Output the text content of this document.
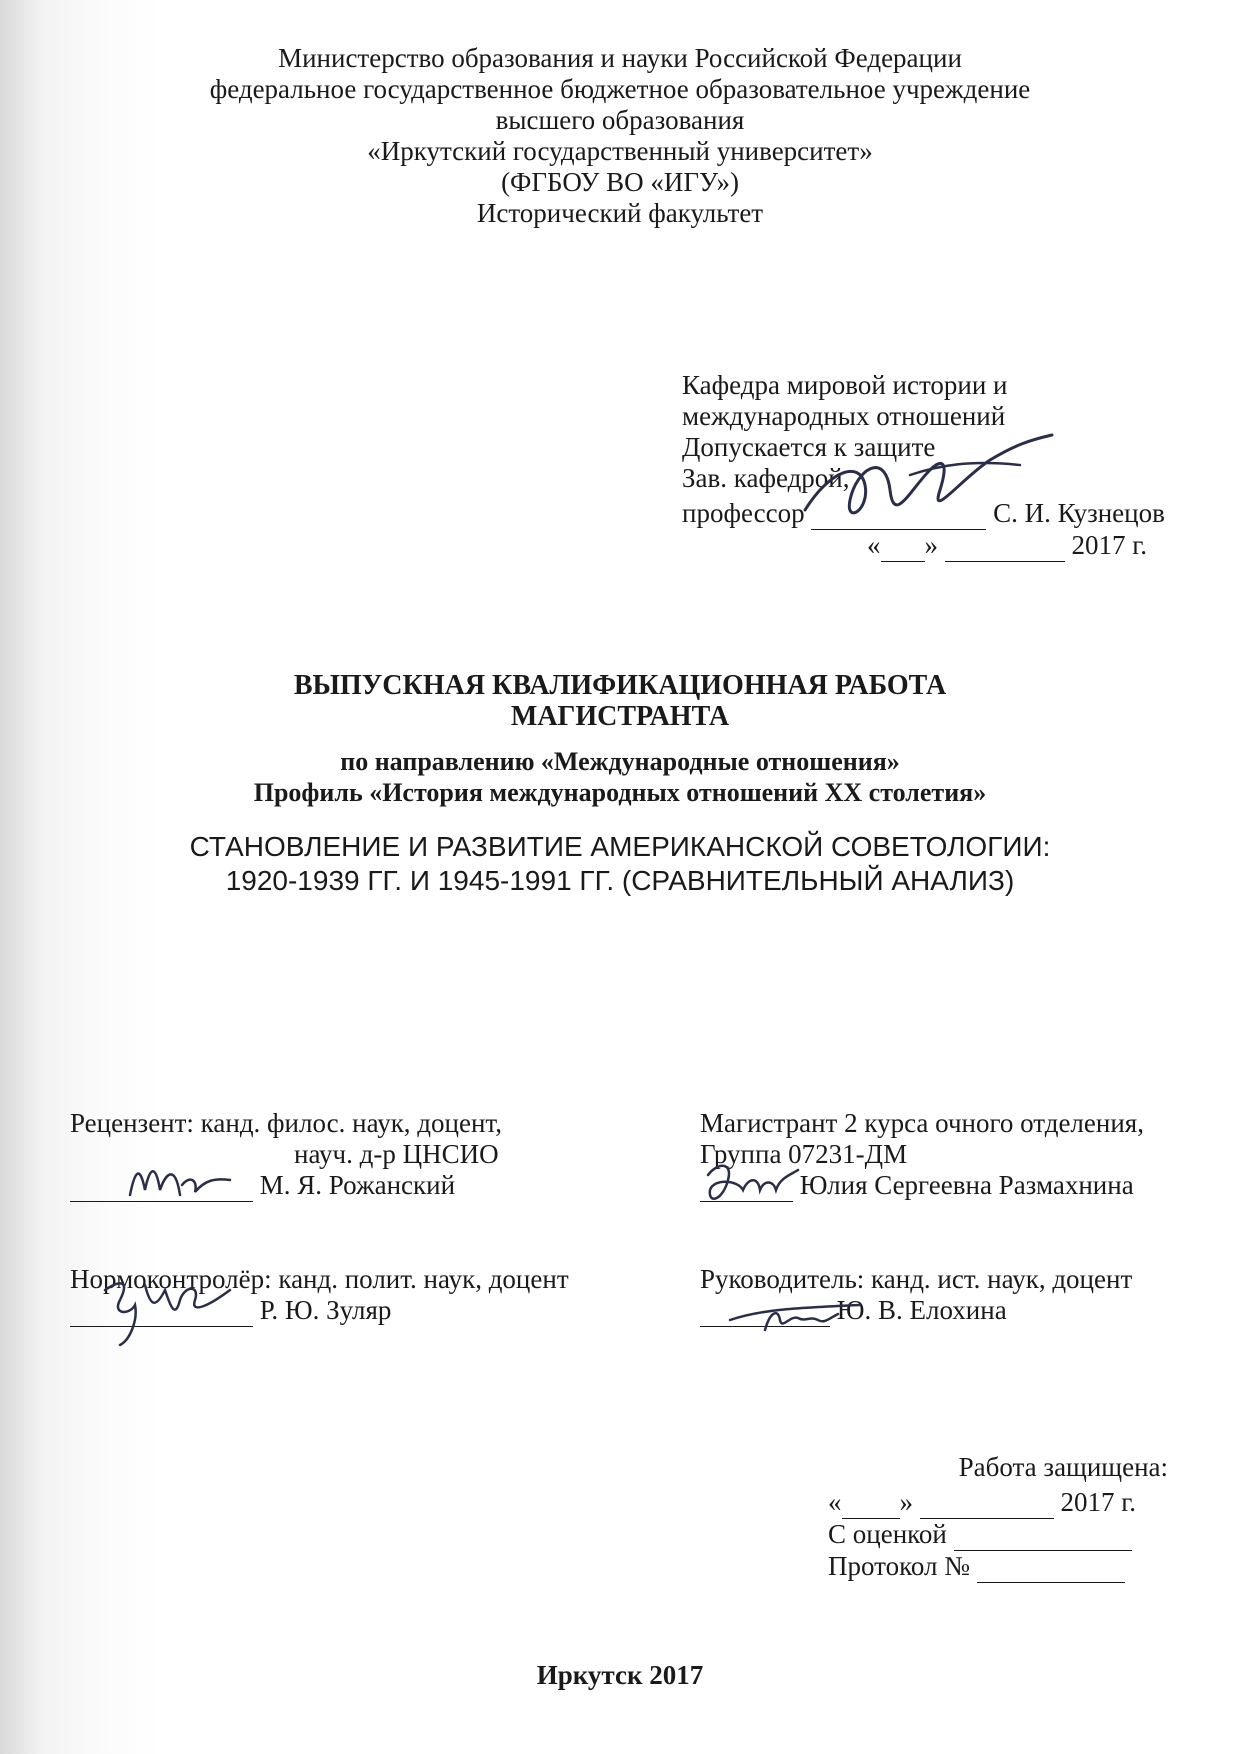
Министерство образования и науки Российской Федерации
федеральное государственное бюджетное образовательное учреждение
высшего образования
«Иркутский государственный университет»
(ФГБОУ ВО «ИГУ»)
Исторический факультет
Кафедра мировой истории и
международных отношений
Допускается к защите
Зав. кафедрой,
профессор	С. И. Кузнецов
« »	2017 г.
ВЫПУСКНАЯ КВАЛИФИКАЦИОННАЯ РАБОТА
МАГИСТРАНТА
по направлению «Международные отношения»
Профиль «История международных отношений XX столетия»
СТАНОВЛЕНИЕ И РАЗВИТИЕ АМЕРИКАНСКОЙ СОВЕТОЛОГИИ:
1920-1939 ГГ. И 1945-1991 ГГ. (СРАВНИТЕЛЬНЫЙ АНАЛИЗ)
Рецензент: канд. филос. наук, доцент,
науч. д-р ЦНСИО
М. Я. Рожанский
Магистрант 2 курса очного отделения,
Группа 07231-ДМ
Юлия Сергеевна Размахнина
Нормоконтролёр: канд. полит. наук, доцент
Р. Ю. Зуляр
Руководитель: канд. ист. наук, доцент
Ю. В. Елохина
Работа защищена:
« »	2017 г.
С оценкой
Протокол №
Иркутск 2017
